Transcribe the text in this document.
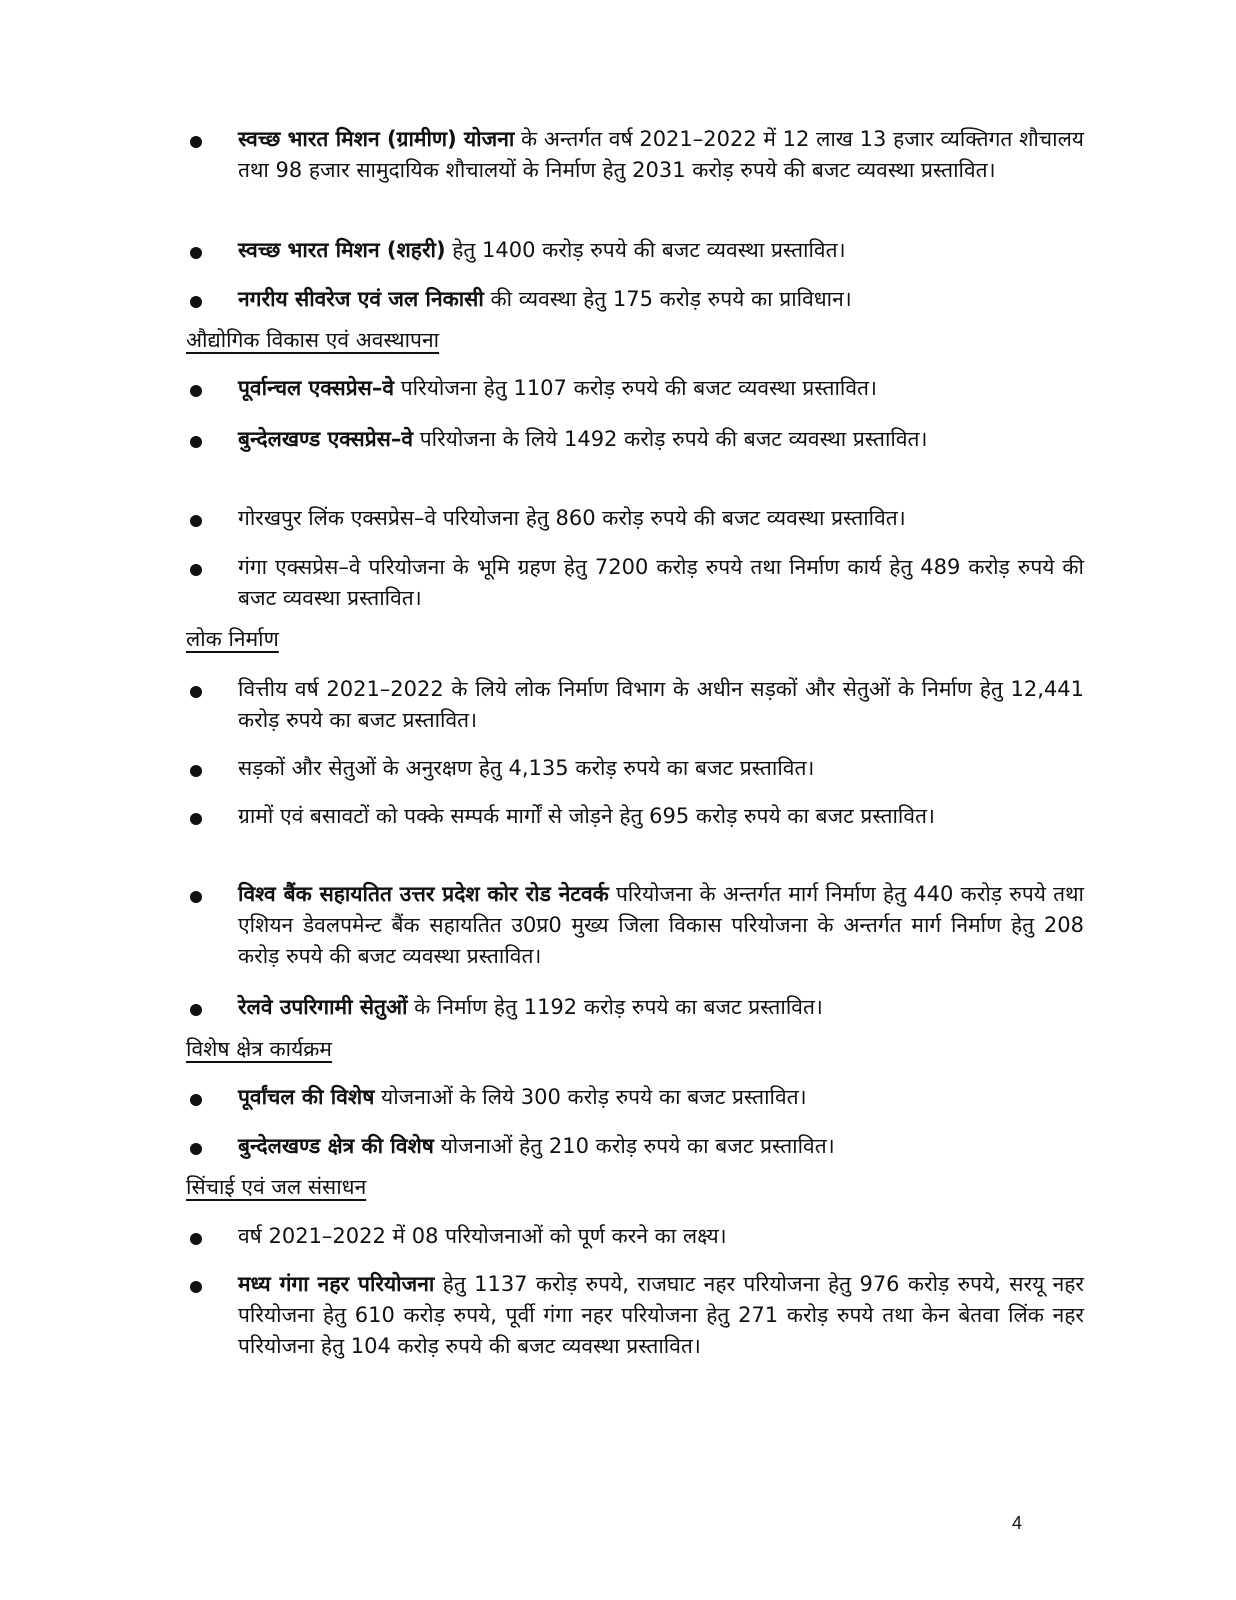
स्वच्छ भारत मिशन (ग्रामीण) योजना के अन्तर्गत वर्ष 2021–2022 में 12 लाख 13 हजार व्यक्तिगत शौचालय तथा 98 हजार सामुदायिक शौचालयों के निर्माण हेतु 2031 करोड़ रुपये की बजट व्यवस्था प्रस्तावित।

स्वच्छ भारत मिशन (शहरी) हेतु 1400 करोड़ रुपये की बजट व्यवस्था प्रस्तावित।

नगरीय सीवरेज एवं जल निकासी की व्यवस्था हेतु 175 करोड़ रुपये का प्राविधान।

औद्योगिक विकास एवं अवस्थापना

पूर्वान्चल एक्सप्रेस–वे परियोजना हेतु 1107 करोड़ रुपये की बजट व्यवस्था प्रस्तावित।

बुन्देलखण्ड एक्सप्रेस–वे परियोजना के लिये 1492 करोड़ रुपये की बजट व्यवस्था प्रस्तावित।

गोरखपुर लिंक एक्सप्रेस–वे परियोजना हेतु 860 करोड़ रुपये की बजट व्यवस्था प्रस्तावित।

गंगा एक्सप्रेस–वे परियोजना के भूमि ग्रहण हेतु 7200 करोड़ रुपये तथा निर्माण कार्य हेतु 489 करोड़ रुपये की बजट व्यवस्था प्रस्तावित।

लोक निर्माण

वित्तीय वर्ष 2021–2022 के लिये लोक निर्माण विभाग के अधीन सड़कों और सेतुओं के निर्माण हेतु 12,441 करोड़ रुपये का बजट प्रस्तावित।

सड़कों और सेतुओं के अनुरक्षण हेतु 4,135 करोड़ रुपये का बजट प्रस्तावित।

ग्रामों एवं बसावटों को पक्के सम्पर्क मार्गों से जोड़ने हेतु 695 करोड़ रुपये का बजट प्रस्तावित।

विश्व बैंक सहायतित उत्तर प्रदेश कोर रोड नेटवर्क परियोजना के अन्तर्गत मार्ग निर्माण हेतु 440 करोड़ रुपये तथा एशियन डेवलपमेन्ट बैंक सहायतित उ0प्र0 मुख्य जिला विकास परियोजना के अन्तर्गत मार्ग निर्माण हेतु 208 करोड़ रुपये की बजट व्यवस्था प्रस्तावित।

रेलवे उपरिगामी सेतुओं के निर्माण हेतु 1192 करोड़ रुपये का बजट प्रस्तावित।

विशेष क्षेत्र कार्यक्रम

पूर्वांचल की विशेष योजनाओं के लिये 300 करोड़ रुपये का बजट प्रस्तावित।

बुन्देलखण्ड क्षेत्र की विशेष योजनाओं हेतु 210 करोड़ रुपये का बजट प्रस्तावित।

सिंचाई एवं जल संसाधन

वर्ष 2021–2022 में 08 परियोजनाओं को पूर्ण करने का लक्ष्य।

मध्य गंगा नहर परियोजना हेतु 1137 करोड़ रुपये, राजघाट नहर परियोजना हेतु 976 करोड़ रुपये, सरयू नहर परियोजना हेतु 610 करोड़ रुपये, पूर्वी गंगा नहर परियोजना हेतु 271 करोड़ रुपये तथा केन बेतवा लिंक नहर परियोजना हेतु 104 करोड़ रुपये की बजट व्यवस्था प्रस्तावित।

4
